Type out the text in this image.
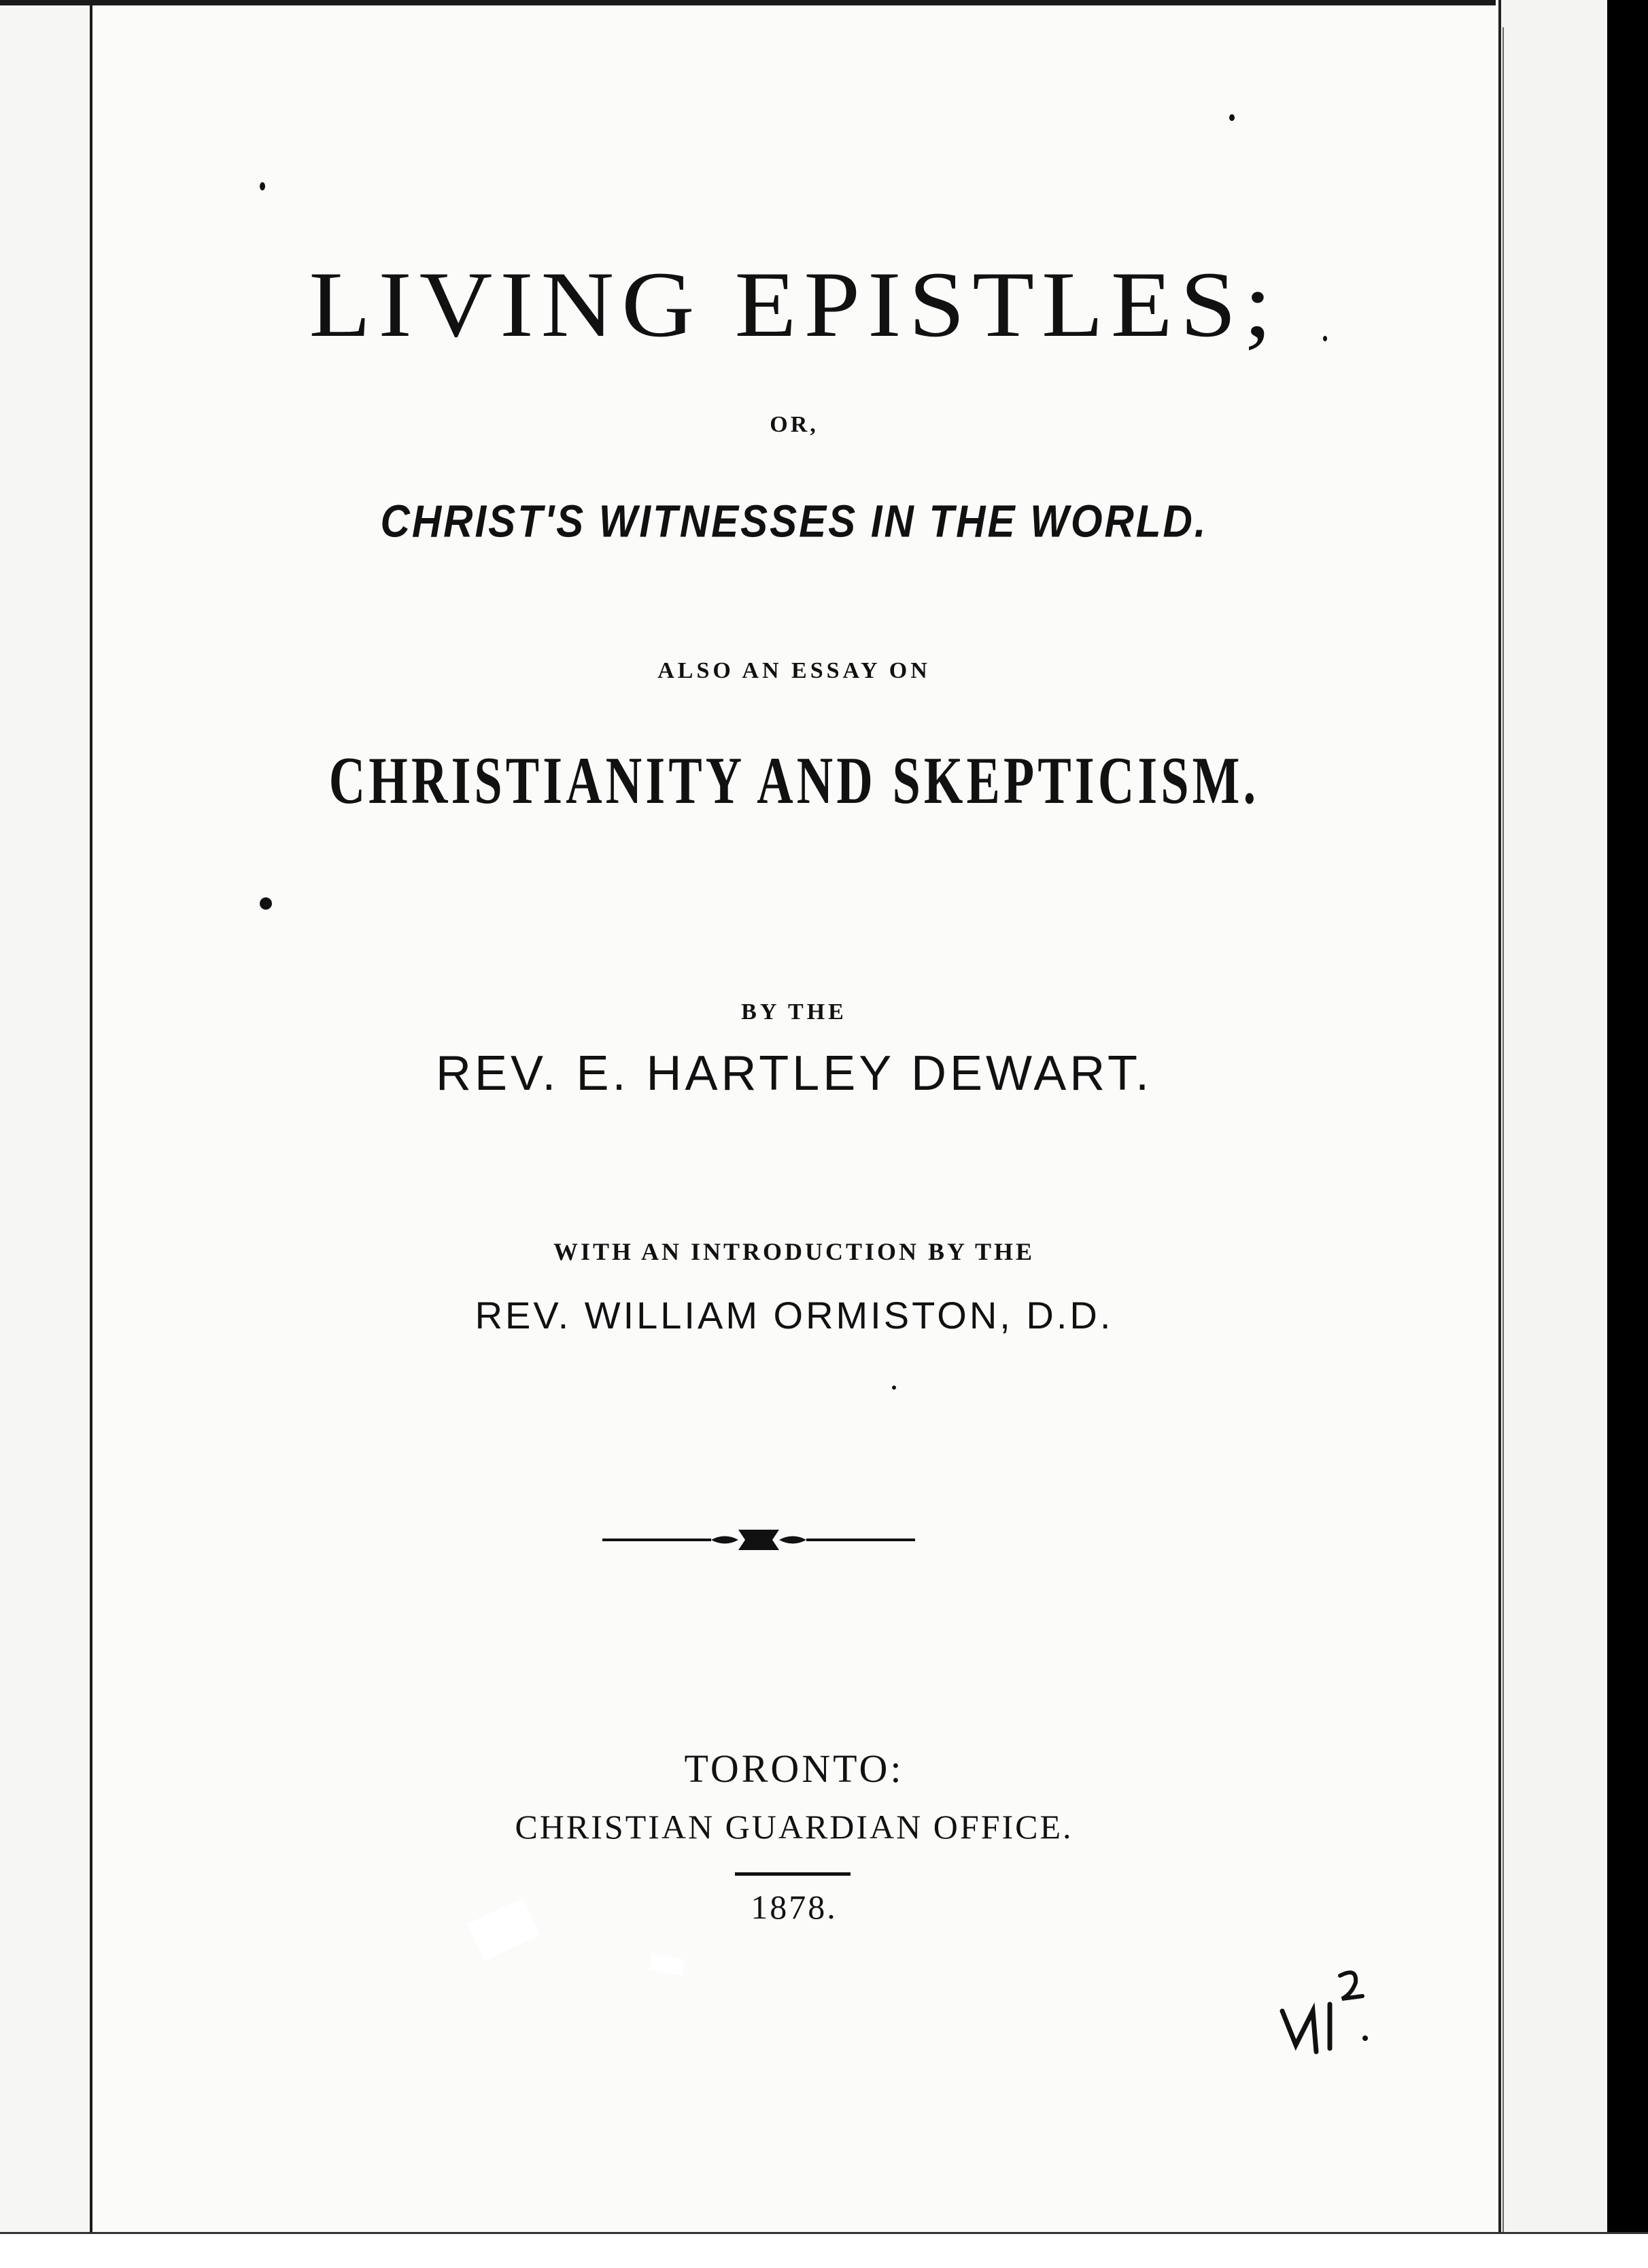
LIVING EPISTLES;
OR,
CHRIST'S WITNESSES IN THE WORLD.
ALSO AN ESSAY ON
CHRISTIANITY AND SKEPTICISM.
BY THE
REV. E. HARTLEY DEWART.
WITH AN INTRODUCTION BY THE
REV. WILLIAM ORMISTON, D.D.
TORONTO:
CHRISTIAN GUARDIAN OFFICE.
1878.
